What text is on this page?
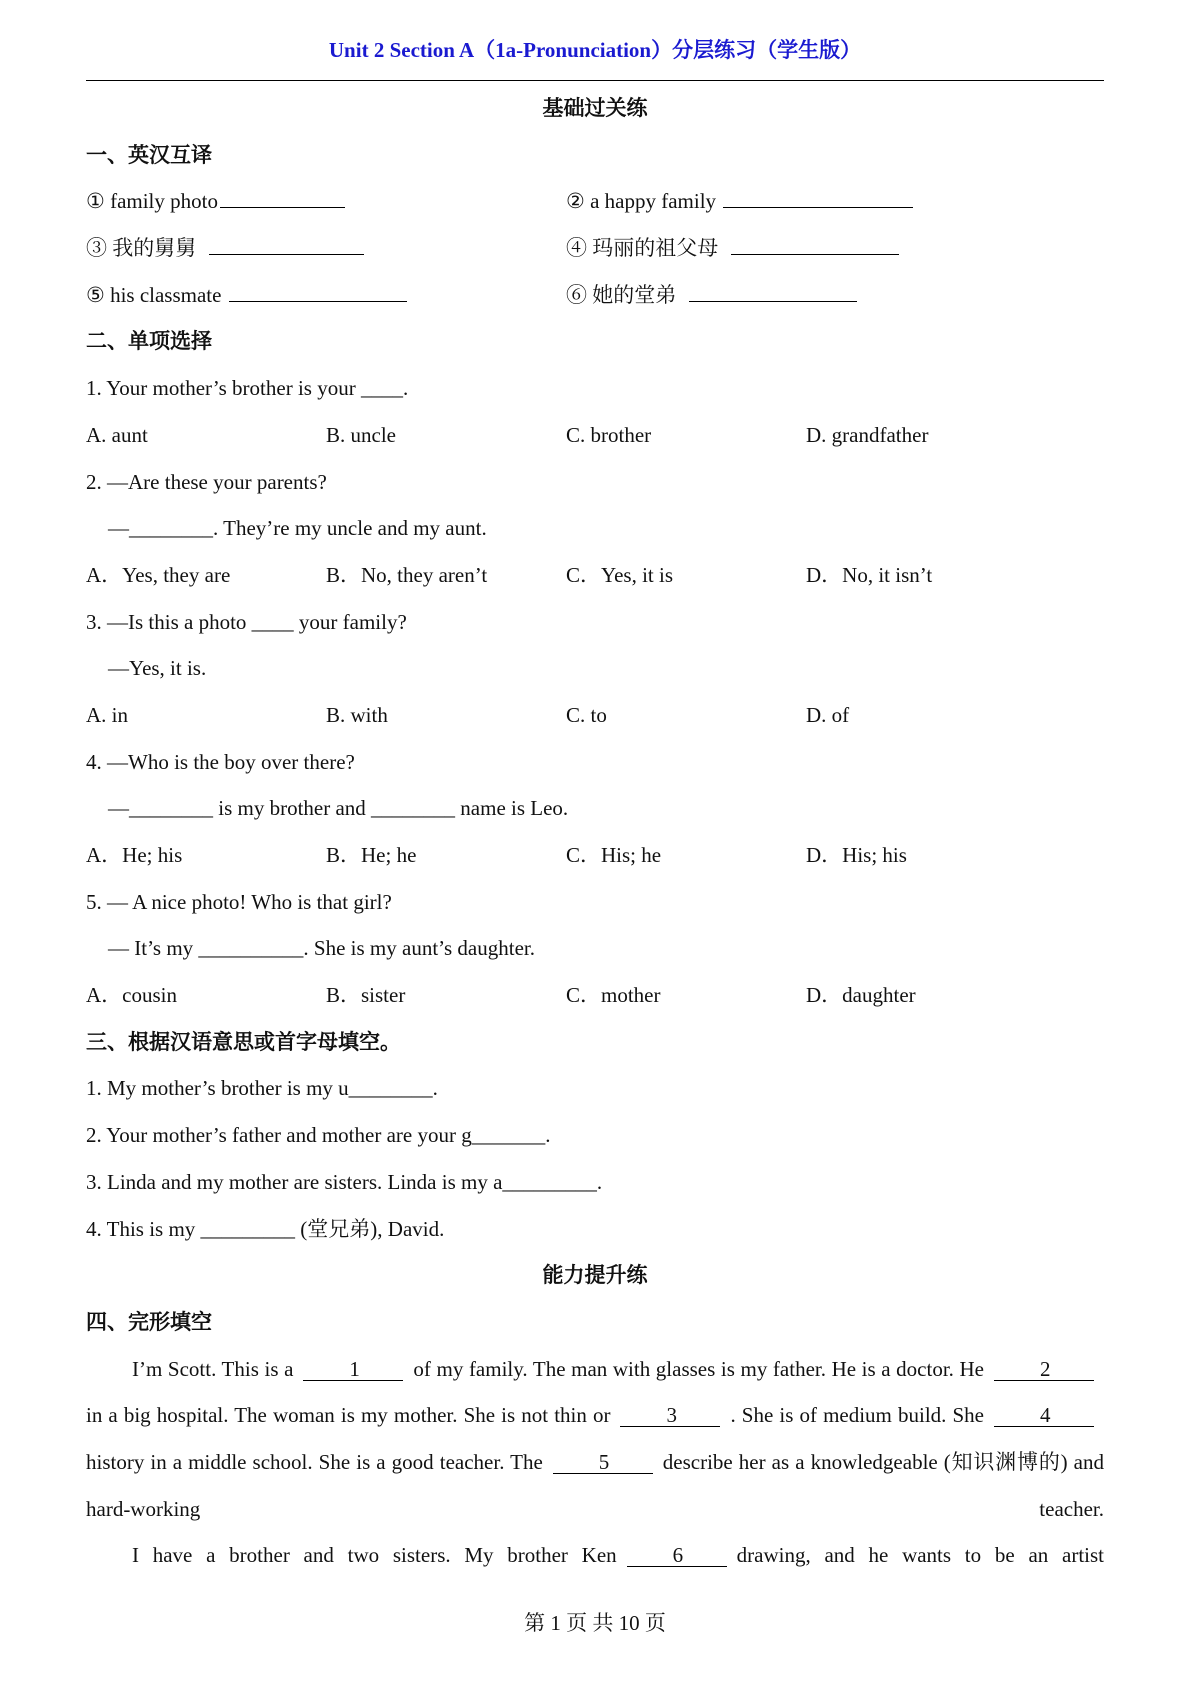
Unit 2 Section A（1a-Pronunciation）分层练习（学生版）
基础过关练
一、英汉互译
① family photo	② a happy family
③ 我的舅舅	④ 玛丽的祖父母
⑤ his classmate	⑥ 她的堂弟
二、单项选择
1. Your mother’s brother is your ____.
A. aunt	B. uncle	C. brother	D. grandfather
2. —Are these your parents?
—________. They’re my uncle and my aunt.
A．Yes, they are	B．No, they aren’t	C．Yes, it is	D．No, it isn’t
3. —Is this a photo ____ your family?
—Yes, it is.
A. in	B. with	C. to	D. of
4. —Who is the boy over there?
—________ is my brother and ________ name is Leo.
A．He; his	B．He; he	C．His; he	D．His; his
5. — A nice photo! Who is that girl?
— It’s my __________. She is my aunt’s daughter.
A．cousin	B．sister	C．mother	D．daughter
三、根据汉语意思或首字母填空。
1. My mother’s brother is my u________.
2. Your mother’s father and mother are your g_______.
3. Linda and my mother are sisters. Linda is my a_________.
4. This is my _________ (堂兄弟), David.
能力提升练
四、完形填空
I’m Scott. This is a	1	of my family. The man with glasses is my father. He is a doctor. He	2in a big hospital. The woman is my mother. She is not thin or	3	. She is of medium build. She	4history in a middle school. She is a good teacher. The	5	describe her as a knowledgeable (知识渊博的) and hard-working teacher.
I have a brother and two sisters. My brother Ken	6	drawing, and he wants to be an artist
第 1 页 共 10 页
